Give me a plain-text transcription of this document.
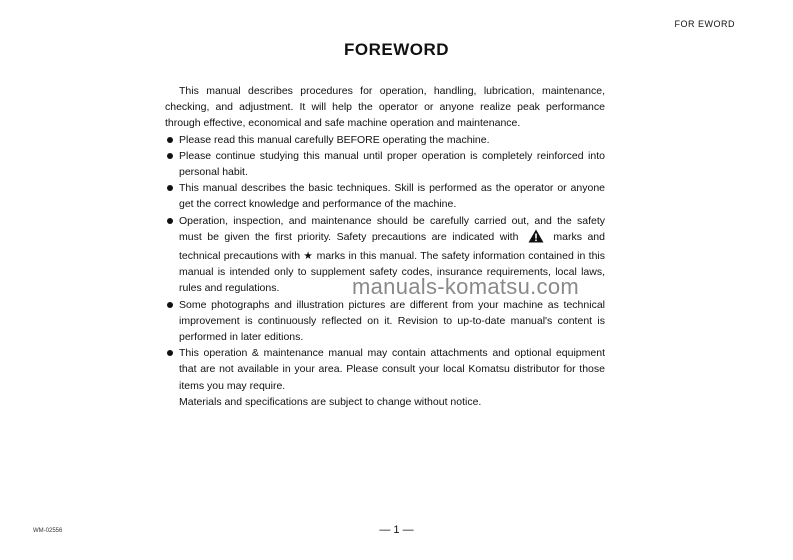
FOR EWORD
FOREWORD

This manual describes procedures for operation, handling, lubrication, maintenance, checking, and adjustment. It will help the operator or anyone realize peak performance through effective, economical and safe machine operation and maintenance.

Please read this manual carefully BEFORE operating the machine.
Please continue studying this manual until proper operation is completely reinforced into personal habit.
This manual describes the basic techniques. Skill is performed as the operator or anyone get the correct knowledge and performance of the machine.
Operation, inspection, and maintenance should be carefully carried out, and the safety must be given the first priority. Safety precautions are indicated with	marks and technical precautions with ★ marks in this manual. The safety information contained in this manual is intended only to supplement safety codes, insurance requirements, local laws, rules and regulations.
Some photographs and illustration pictures are different from your machine as technical improvement is continuously reflected on it. Revision to up-to-date manual's content is performed in later editions.
This operation & maintenance manual may contain attachments and optional equipment that are not available in your area. Please consult your local Komatsu distributor for those items you may require.

Materials and specifications are subject to change without notice.

manuals-komatsu.com
WM-02556	— 1 —
